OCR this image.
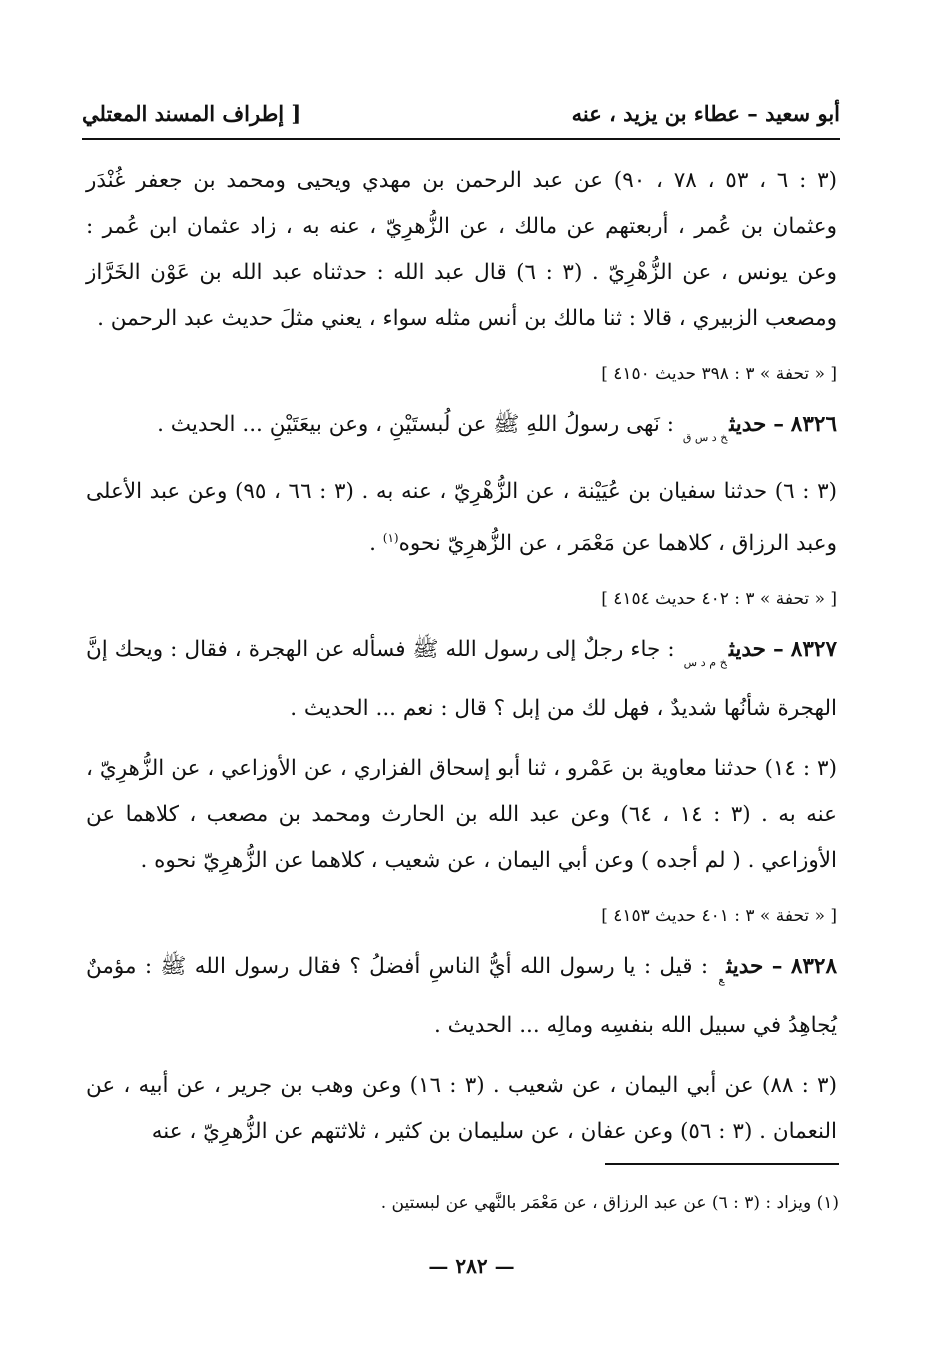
أبو سعيد – عطاء بن يزيد ، عنه
[ إطراف المسند المعتلي

(٣ : ٦ ، ٥٣ ، ٧٨ ، ٩٠) عن عبد الرحمن بن مهدي ويحيى ومحمد بن جعفر غُنْدَر وعثمان بن عُمر ، أربعتهم عن مالك ، عن الزُّهرِيّ ، عنه به ، زاد عثمان ابن عُمر : وعن يونس ، عن الزُّهْرِيّ . (٣ : ٦) قال عبد الله : حدثناه عبد الله بن عَوْن الخَرَّاز ومصعب الزبيري ، قالا : ثنا مالك بن أنس مثله سواء ، يعني مثلَ حديث عبد الرحمن .

[ « تحفة » ٣ : ٣٩٨ حديث ٤١٥٠ ]

٨٣٢٦ – حديث$_{خ د س ق}$ : نَهى رسولُ اللهِ ﷺ عن لُبستَيْنِ ، وعن بيعَتَيْنِ ... الحديث .

(٣ : ٦) حدثنا سفيان بن عُيَيْنة ، عن الزُّهْرِيّ ، عنه به . (٣ : ٦٦ ، ٩٥) وعن عبد الأعلى وعبد الرزاق ، كلاهما عن مَعْمَر ، عن الزُّهرِيّ نحوه$^{(١)}$ .

[ « تحفة » ٣ : ٤٠٢ حديث ٤١٥٤ ]

٨٣٢٧ – حديث$_{خ م د س}$ : جاء رجلٌ إلى رسول الله ﷺ فسأله عن الهجرة ، فقال : ويحك إنَّ الهجرة شأنُها شديدٌ ، فهل لك من إبل ؟ قال : نعم ... الحديث .

(٣ : ١٤) حدثنا معاوية بن عَمْرو ، ثنا أبو إسحاق الفزاري ، عن الأوزاعي ، عن الزُّهرِيّ ، عنه به . (٣ : ١٤ ، ٦٤) وعن عبد الله بن الحارث ومحمد بن مصعب ، كلاهما عن الأوزاعي . ( لم أجده ) وعن أبي اليمان ، عن شعيب ، كلاهما عن الزُّهرِيّ نحوه .

[ « تحفة » ٣ : ٤٠١ حديث ٤١٥٣ ]

٨٣٢٨ – حديث$_ع$ : قيل : يا رسول الله أيُّ الناسِ أفضلُ ؟ فقال رسول الله ﷺ : مؤمنٌ يُجاهِدُ في سبيل الله بنفسِه ومالِه ... الحديث .

(٣ : ٨٨) عن أبي اليمان ، عن شعيب . (٣ : ١٦) وعن وهب بن جرير ، عن أبيه ، عن النعمان . (٣ : ٥٦) وعن عفان ، عن سليمان بن كثير ، ثلاثتهم عن الزُّهرِيّ ، عنه

(١) ويزاد : (٣ : ٦) عن عبد الرزاق ، عن مَعْمَر بالنَّهي عن لبستين .
— ٢٨٢ —
